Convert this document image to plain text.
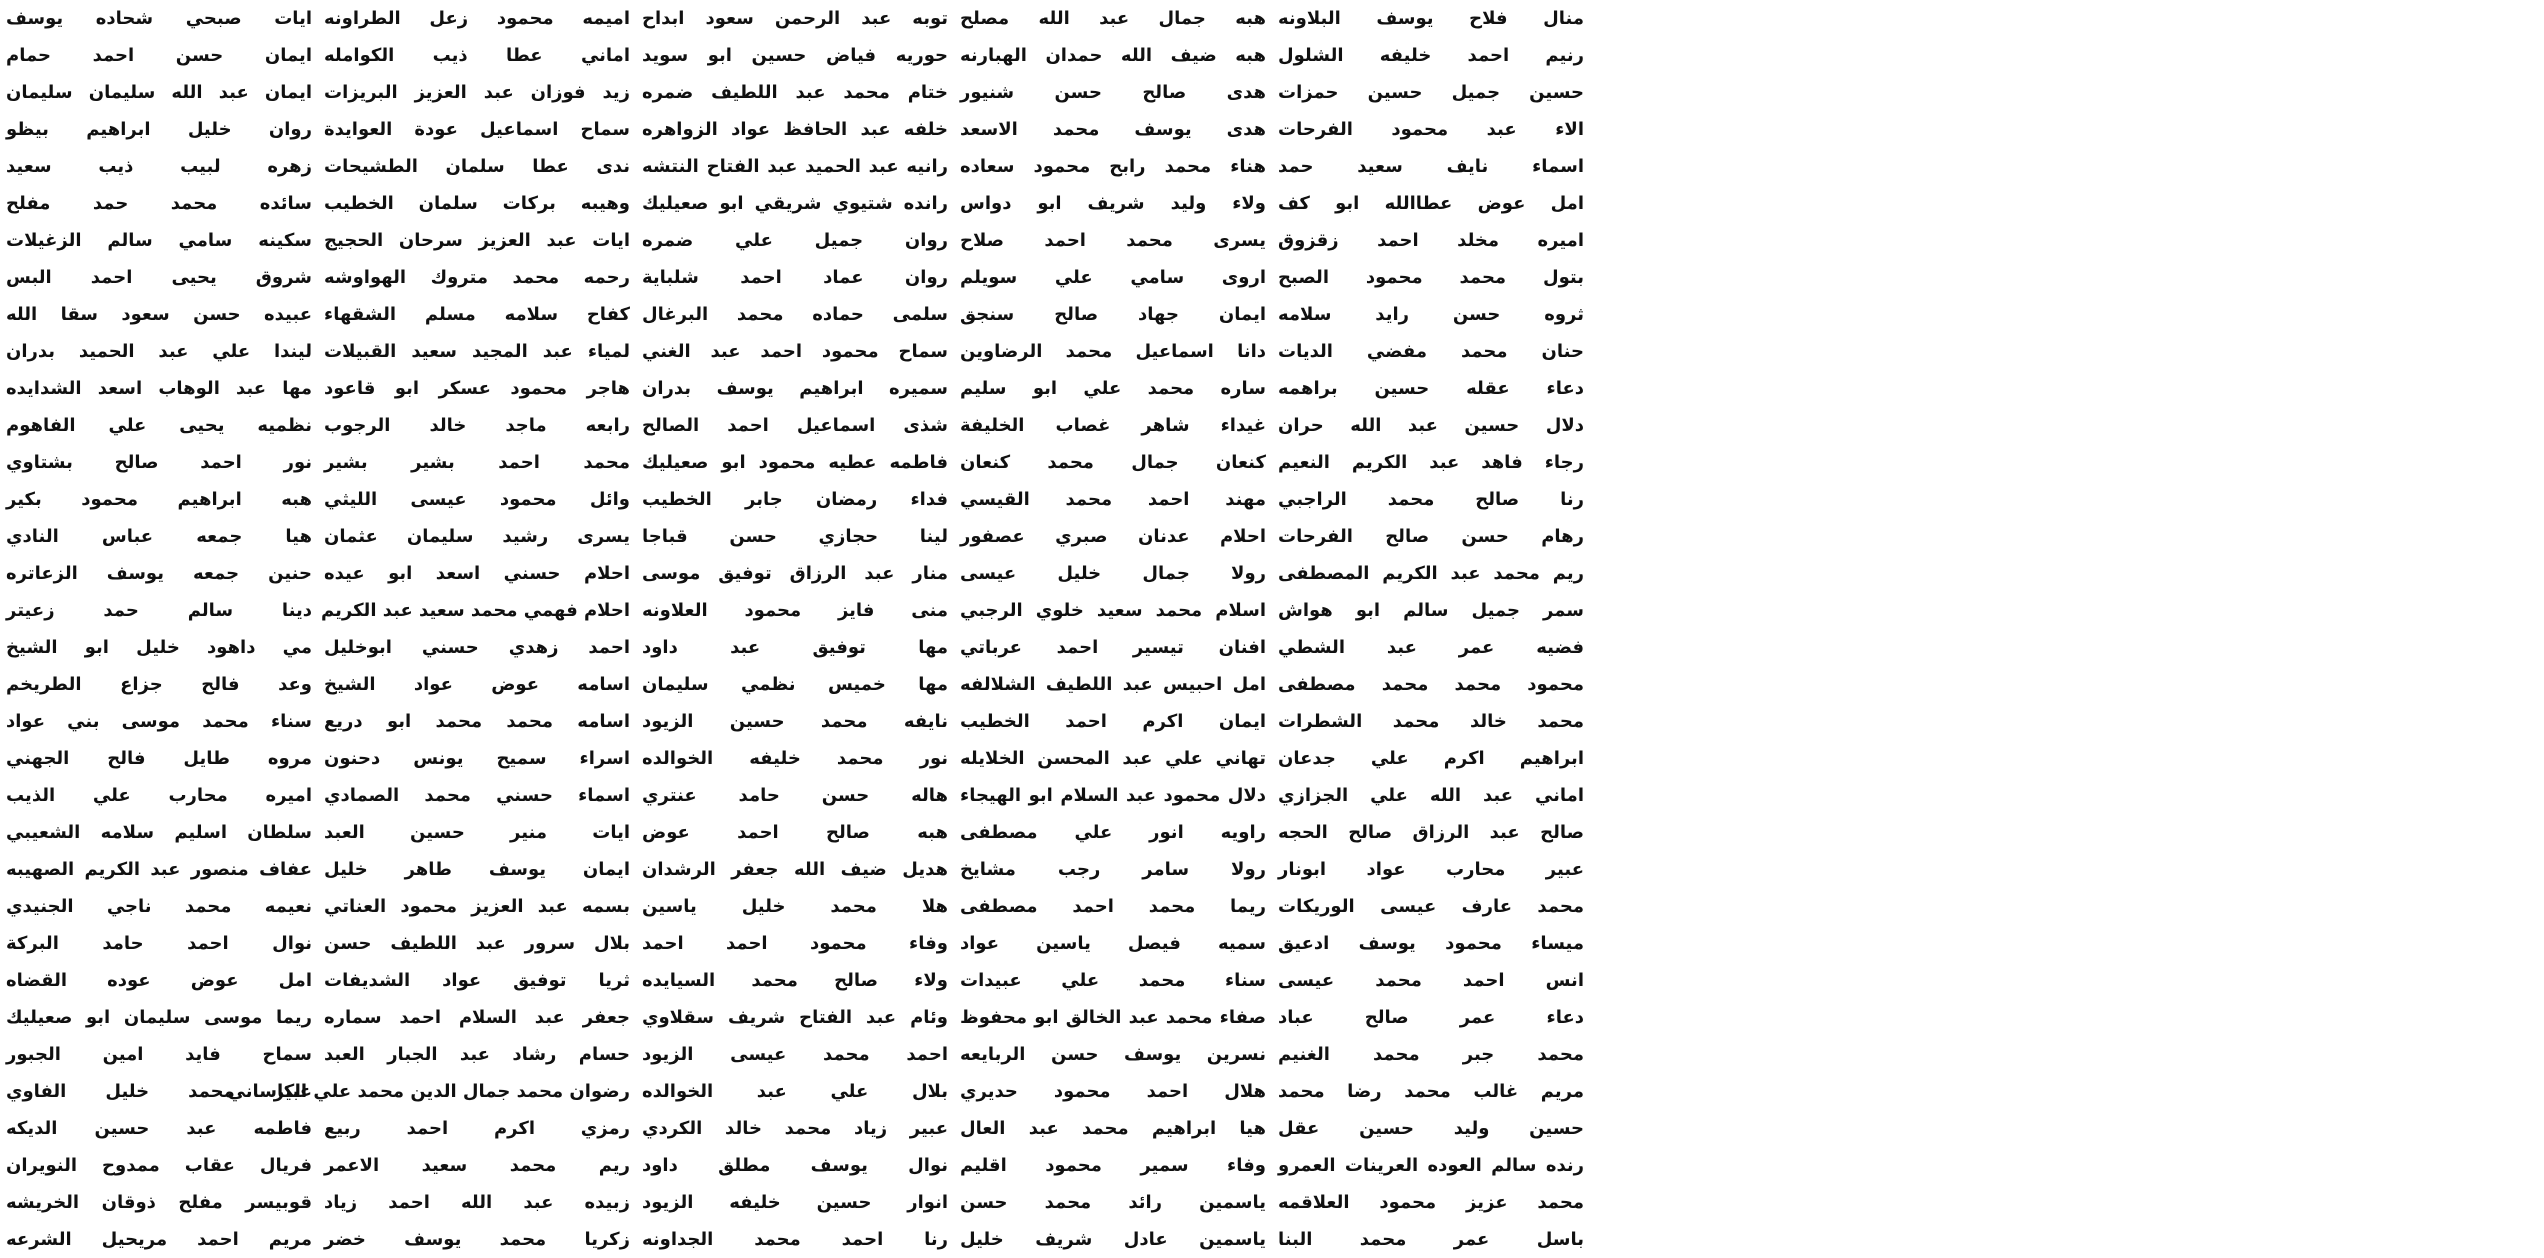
ايات صبحي شحاده يوسف
ايمان حسن احمد حمام
ايمان عبد الله سليمان سليمان
روان خليل ابراهيم بيظو
زهره لبيب ذيب سعيد
سائده محمد حمد مفلح
سكينه سامي سالم الزغيلات
شروق يحيى احمد البس
عبيده حسن سعود سقا الله
ليندا علي عبد الحميد بدران
مها عبد الوهاب اسعد الشدايده
نظميه يحيى علي الفاهوم
نور احمد صالح بشتاوي
هبه ابراهيم محمود بكير
هيا جمعه عباس النادي
حنين جمعه يوسف الزعاتره
دينا سالم حمد زعيتر
مي داهود خليل ابو الشيخ
وعد فالح جزاع الطريخم
سناء محمد موسى بني عواد
مروه طايل فالح الجهني
اميره محارب علي الذيب
سلطان اسليم سلامه الشعيبي
عفاف منصور عبد الكريم الصهيبه
نعيمه محمد ناجي الجنيدي
نوال احمد حامد البركة
امل عوض عوده القضاه
ريما موسى سليمان ابو صعيليك
سماح فايد امين الجبور
عبير محمد خليل الفاوي
فاطمه عبد حسين الديكه
فريال عقاب ممدوح النويران
قوبيسر مفلح ذوقان الخريشه
مريم احمد مريحيل الشرعه
اميمه محمود زعل الطراونه
اماني عطا ذيب الكوامله
زيد فوزان عبد العزيز البريزات
سماح اسماعيل عودة العوايدة
ندى عطا سلمان الطشيحات
وهيبه بركات سلمان الخطيب
ايات عبد العزيز سرحان الحجيج
رحمه محمد متروك الهواوشه
كفاح سلامه مسلم الشقهاء
لمياء عبد المجيد سعيد القبيلات
هاجر محمود عسكر ابو قاعود
رابعه ماجد خالد الرجوب
محمد احمد بشير بشير
وائل محمود عيسى الليثي
يسرى رشيد سليمان عثمان
احلام حسني اسعد ابو عيده
احلام فهمي محمد سعيد عبد الكريم
احمد زهدي حسني ابوخليل
اسامه عوض عواد الشيخ
اسامه محمد محمد ابو دريع
اسراء سميح يونس دحنون
اسماء حسني محمد الصمادي
ايات منير حسين العبد
ايمان يوسف طاهر خليل
بسمه عبد العزيز محمود العناتي
بلال سرور عبد اللطيف حسن
ثريا توفيق عواد الشديفات
جعفر عبد السلام احمد سماره
حسام رشاد عبد الجبار العبد
رضوان محمد جمال الدين محمد علي الكاساني
رمزي اكرم احمد ربيع
ريم محمد سعيد الاعمر
زبيده عبد الله احمد زياد
زكريا محمد يوسف خضر
توبه عبد الرحمن سعود ابداح
حوريه فياض حسين ابو سويد
ختام محمد عبد اللطيف ضمره
خلفه عبد الحافظ عواد الزواهره
رانيه عبد الحميد عبد الفتاح النتشه
رانده شتيوي شريقي ابو صعيليك
روان جميل علي ضمره
روان عماد احمد شلباية
سلمى حماده محمد البرغال
سماح محمود احمد عبد الغني
سميره ابراهيم يوسف بدران
شذى اسماعيل احمد الصالح
فاطمه عطيه محمود ابو صعيليك
فداء رمضان جابر الخطيب
لينا حجازي حسن قباجا
منار عبد الرزاق توفيق موسى
منى فايز محمود العلاونه
مها توفيق عبد داود
مها خميس نظمي سليمان
نايفه محمد حسين الزيود
نور محمد خليفه الخوالده
هاله حسن حامد عنتري
هبه صالح احمد عوض
هديل ضيف الله جعفر الرشدان
هلا محمد خليل ياسين
وفاء محمود احمد احمد
ولاء صالح محمد السيايده
وئام عبد الفتاح شريف سقلاوي
احمد محمد عيسى الزيود
بلال علي عبد الخوالده
عبير زياد محمد خالد الكردي
نوال يوسف مطلق داود
انوار حسين خليفه الزيود
رنا احمد محمد الجداونه
هبه جمال عبد الله مصلح
هبه ضيف الله حمدان الهبارنه
هدى صالح حسن شنيور
هدى يوسف محمد الاسعد
هناء محمد رابح محمود سعاده
ولاء وليد شريف ابو دواس
يسرى محمد احمد صلاح
اروى سامي علي سويلم
ايمان جهاد صالح سنجق
دانا اسماعيل محمد الرضاوين
ساره محمد علي ابو سليم
غيداء شاهر غصاب الخليفة
كنعان جمال محمد كنعان
مهند احمد محمد القيسي
احلام عدنان صبري عصفور
رولا جمال خليل عيسى
اسلام محمد سعيد خلوي الرجبي
افنان تيسير احمد عرباتي
امل احبيس عبد اللطيف الشلالفه
ايمان اكرم احمد الخطيب
تهاني علي عبد المحسن الخلايله
دلال محمود عبد السلام ابو الهيجاء
راويه انور علي مصطفى
رولا سامر رجب مشايخ
ريما محمد احمد مصطفى
سميه فيصل ياسين عواد
سناء محمد علي عبيدات
صفاء محمد عبد الخالق ابو محفوظ
نسرين يوسف حسن الربايعه
هلال احمد محمود حديري
هيا ابراهيم محمد عبد العال
وفاء سمير محمود اقليم
ياسمين رائد محمد حسن
ياسمين عادل شريف خليل
منال فلاح يوسف البلاونه
رنيم احمد خليفه الشلول
حسين جميل حسين حمزات
الاء عبد محمود الفرحات
اسماء نايف سعيد حمد
امل عوض عطاالله ابو كف
اميره مخلد احمد زقزوق
بتول محمد محمود الصبح
ثروه حسن رايد سلامه
حنان محمد مفضي الديات
دعاء عقله حسين براهمه
دلال حسين عبد الله حران
رجاء فاهد عبد الكريم النعيم
رنا صالح محمد الراجبي
رهام حسن صالح الفرحات
ريم محمد عبد الكريم المصطفى
سمر جميل سالم ابو هواش
فضيه عمر عبد الشطي
محمود محمد محمد مصطفى
محمد خالد محمد الشطرات
ابراهيم اكرم علي جدعان
اماني عبد الله علي الجزازي
صالح عبد الرزاق صالح الحجه
عبير محارب عواد ابونار
محمد عارف عيسى الوريكات
ميساء محمود يوسف ادعيق
انس احمد محمد عيسى
دعاء عمر صالح عباد
محمد جبر محمد الغنيم
مريم غالب محمد رضا محمد
حسين وليد حسين عقل
رنده سالم العوده العرينات العمرو
محمد عزيز محمود العلاقمه
باسل عمر محمد البنا
